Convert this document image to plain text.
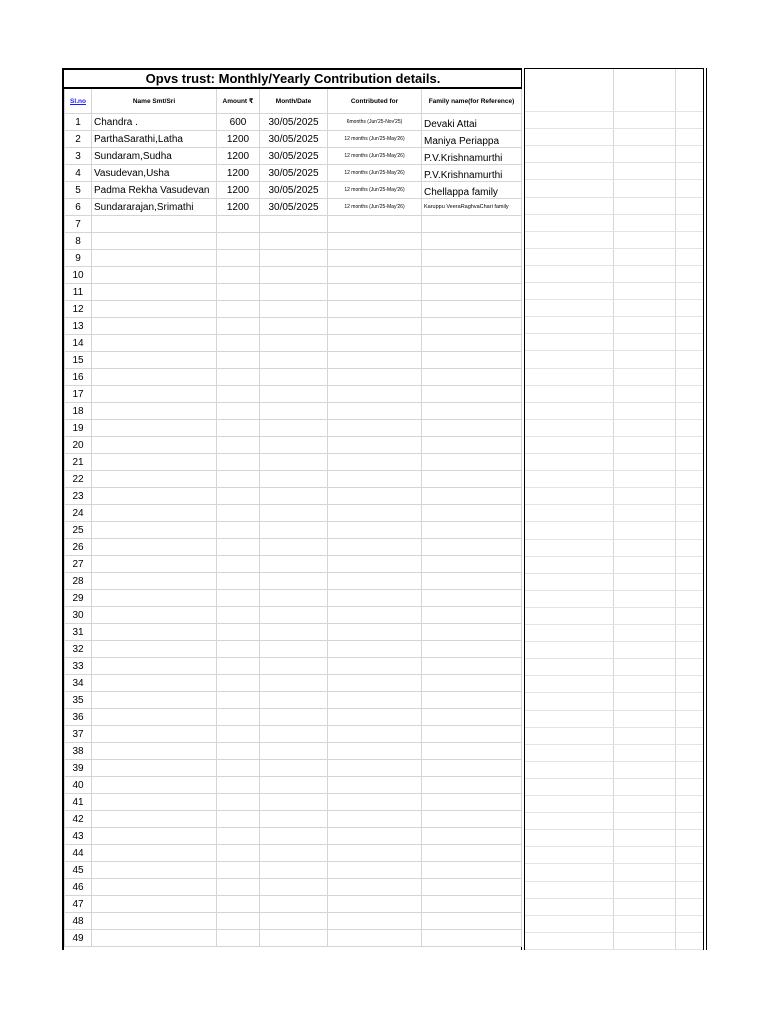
Opvs trust: Monthly/Yearly Contribution details.					
Sl.no	Name Smt/Sri	Amount ₹	Month/Date	Contributed for	Family name(for Reference)
1	Chandra .	600	30/05/2025	6months (Jun'25-Nov'25)	Devaki Attai
2	ParthaSarathi,Latha	1200	30/05/2025	12 months (Jun'25-May'26)	Maniya Periappa
3	Sundaram,Sudha	1200	30/05/2025	12 months (Jun'25-May'26)	P.V.Krishnamurthi
4	Vasudevan,Usha	1200	30/05/2025	12 months (Jun'25-May'26)	P.V.Krishnamurthi
5	Padma Rekha Vasudevan	1200	30/05/2025	12 months (Jun'25-May'26)	Chellappa family
6	Sundararajan,Srimathi	1200	30/05/2025	12 months (Jun'25-May'26)	Karuppu VeeraRaghvaChari family
7					
8					
9					
10					
11					
12					
13					
14					
15					
16					
17					
18					
19					
20					
21					
22					
23					
24					
25					
26					
27					
28					
29					
30					
31					
32					
33					
34					
35					
36					
37					
38					
39					
40					
41					
42					
43					
44					
45					
46					
47					
48					
49					
